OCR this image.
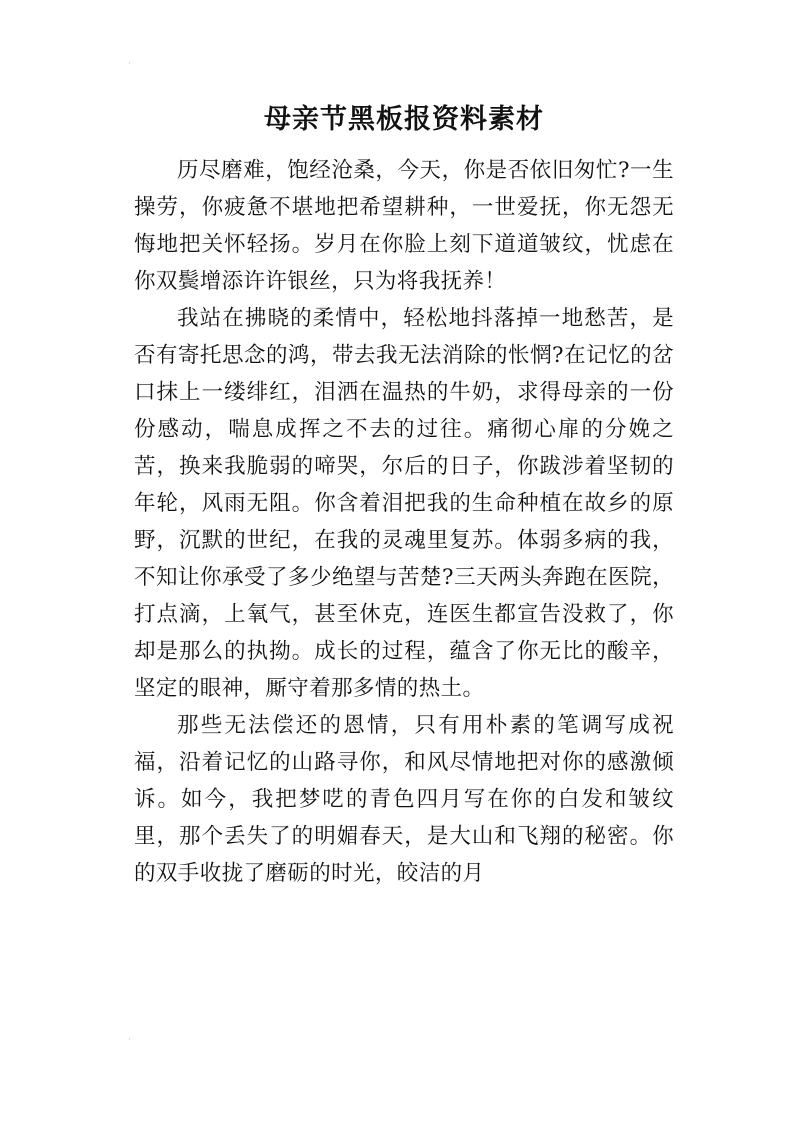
·
·
母亲节黑板报资料素材

历尽磨难，饱经沧桑，今天，你是否依旧匆忙?一生操劳，你疲惫不堪地把希望耕种，一世爱抚，你无怨无悔地把关怀轻扬。岁月在你脸上刻下道道皱纹，忧虑在你双鬓增添许许银丝，只为将我抚养！

我站在拂晓的柔情中，轻松地抖落掉一地愁苦，是否有寄托思念的鸿，带去我无法消除的怅惘?在记忆的岔口抹上一缕绯红，泪洒在温热的牛奶，求得母亲的一份份感动，喘息成挥之不去的过往。痛彻心扉的分娩之苦，换来我脆弱的啼哭，尔后的日子，你跋涉着坚韧的年轮，风雨无阻。你含着泪把我的生命种植在故乡的原野，沉默的世纪，在我的灵魂里复苏。体弱多病的我，不知让你承受了多少绝望与苦楚?三天两头奔跑在医院，打点滴，上氧气，甚至休克，连医生都宣告没救了，你却是那么的执拗。成长的过程，蕴含了你无比的酸辛，坚定的眼神，厮守着那多情的热土。

那些无法偿还的恩情，只有用朴素的笔调写成祝福，沿着记忆的山路寻你，和风尽情地把对你的感激倾诉。如今，我把梦呓的青色四月写在你的白发和皱纹里，那个丢失了的明媚春天，是大山和飞翔的秘密。你的双手收拢了磨砺的时光，皎洁的月
